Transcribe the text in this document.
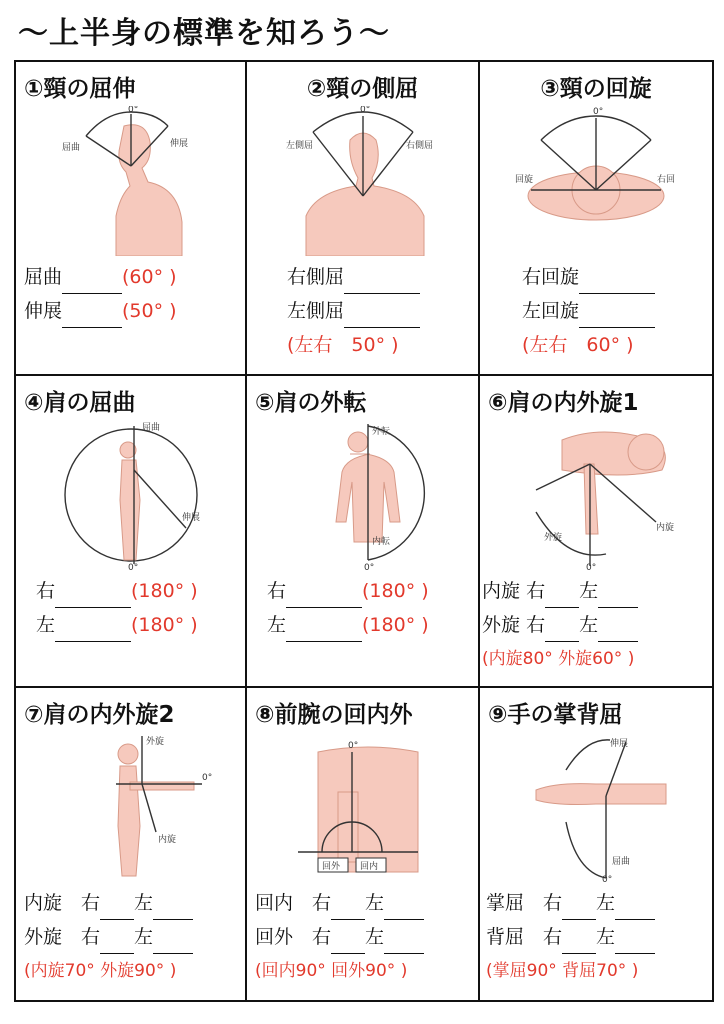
～上半身の標準を知ろう～
①頸の屈伸
0°
屈曲	伸展
屈曲	(60° )
伸展	(50° )
②頸の側屈
0°
左側屈	右側屈
右側屈
左側屈
(左右　50° )
③頸の回旋
0°
回旋	右回
右回旋
左回旋
(左右　60° )
④肩の屈曲
屈曲
伸展
0°
右	(180° )
左	(180° )
⑤肩の外転
外転
内転
0°
右	(180° )
左	(180° )
⑥肩の内外旋1
外旋
内旋
0°
内旋 右 左
外旋 右 左
(内旋80° 外旋60° )
⑦肩の内外旋2
外旋
内旋
0°
内旋　 右 左
外旋　 右 左
(内旋70° 外旋90° )
⑧前腕の回内外
回外 回内
0°
回内　 右 左
回外　 右 左
(回内90° 回外90° )
⑨手の掌背屈
伸展
屈曲
0°
掌屈　 右 左
背屈　 右 左
(掌屈90° 背屈70° )
